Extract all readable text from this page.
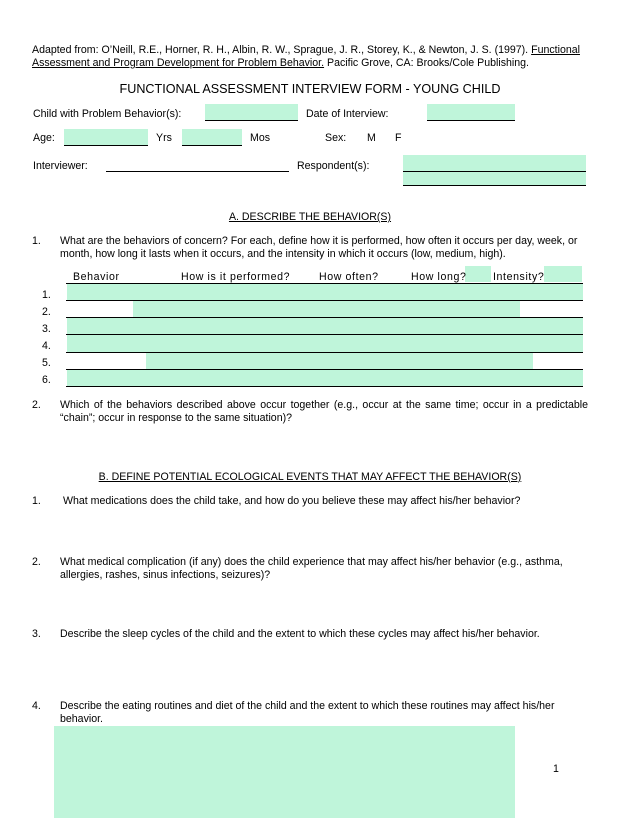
Adapted from: O’Neill, R.E., Horner, R. H., Albin, R. W., Sprague, J. R., Storey, K., & Newton, J. S. (1997). Functional
Assessment and Program Development for Problem Behavior. Pacific Grove, CA: Brooks/Cole Publishing.
FUNCTIONAL ASSESSMENT INTERVIEW FORM - YOUNG CHILD
Child with Problem Behavior(s):	Date of Interview:
Age:	Yrs	Mos	Sex: M F
Interviewer:	Respondent(s):
A. DESCRIBE THE BEHAVIOR(S)
1. What are the behaviors of concern? For each, define how it is performed, how often it occurs per day, week, or month, how long it lasts when it occurs, and the intensity in which it occurs (low, medium, high).
Behavior	How is it performed?	How often?	How long?	Intensity?
1.
2.
3.
4.
5.
6.
2. Which of the behaviors described above occur together (e.g., occur at the same time; occur in a predictable “chain”; occur in response to the same situation)?
B. DEFINE POTENTIAL ECOLOGICAL EVENTS THAT MAY AFFECT THE BEHAVIOR(S)
1. What medications does the child take, and how do you believe these may affect his/her behavior?
2. What medical complication (if any) does the child experience that may affect his/her behavior (e.g., asthma, allergies, rashes, sinus infections, seizures)?
3. Describe the sleep cycles of the child and the extent to which these cycles may affect his/her behavior.
4. Describe the eating routines and diet of the child and the extent to which these routines may affect his/her behavior.
1
